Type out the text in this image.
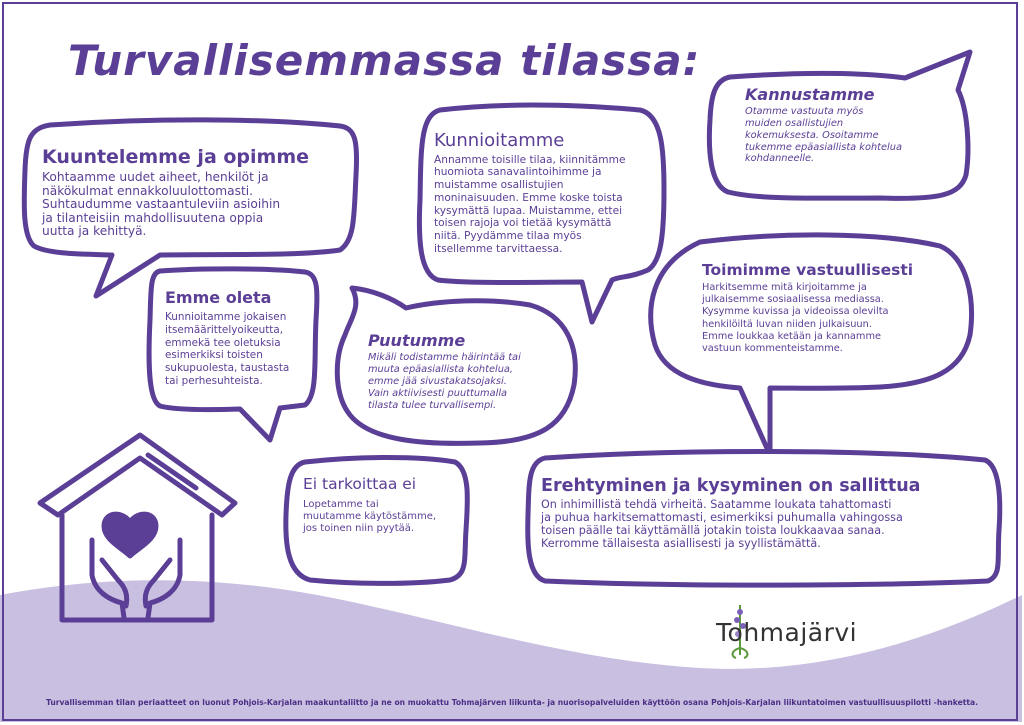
Turvallisemmassa tilassa:
Kuuntelemme ja opimme
Kohtaamme uudet aiheet, henkilöt ja
näkökulmat ennakkoluulottomasti.
Suhtaudumme vastaantuleviin asioihin
ja tilanteisiin mahdollisuutena oppia
uutta ja kehittyä.
Emme oleta
Kunnioitamme jokaisen
itsemäärittelyoikeutta,
emmekä tee oletuksia
esimerkiksi toisten
sukupuolesta, taustasta
tai perhesuhteista.
Kunnioitamme
Annamme toisille tilaa, kiinnitämme
huomiota sanavalintoihimme ja
muistamme osallistujien
moninaisuuden. Emme koske toista
kysymättä lupaa. Muistamme, ettei
toisen rajoja voi tietää kysymättä
niitä. Pyydämme tilaa myös
itsellemme tarvittaessa.
Kannustamme
Otamme vastuuta myös
muiden osallistujien
kokemuksesta. Osoitamme
tukemme epäasiallista kohtelua
kohdanneelle.
Puutumme
Mikäli todistamme häirintää tai
muuta epäasiallista kohtelua,
emme jää sivustakatsojaksi.
Vain aktiivisesti puuttumalla
tilasta tulee turvallisempi.
Toimimme vastuullisesti
Harkitsemme mitä kirjoitamme ja
julkaisemme sosiaalisessa mediassa.
Kysymme kuvissa ja videoissa olevilta
henkilöiltä luvan niiden julkaisuun.
Emme loukkaa ketään ja kannamme
vastuun kommenteistamme.
Ei tarkoittaa ei
Lopetamme tai
muutamme käytöstämme,
jos toinen niin pyytää.
Erehtyminen ja kysyminen on sallittua
On inhimillistä tehdä virheitä. Saatamme loukata tahattomasti
ja puhua harkitsemattomasti, esimerkiksi puhumalla vahingossa
toisen päälle tai käyttämällä jotakin toista loukkaavaa sanaa.
Kerromme tällaisesta asiallisesti ja syyllistämättä.
Tohmajärvi
Turvallisemman tilan periaatteet on luonut Pohjois-Karjalan maakuntaliitto ja ne on muokattu Tohmajärven liikunta- ja nuorisopalveluiden käyttöön osana Pohjois-Karjalan liikuntatoimen vastuullisuuspilotti -hanketta.
